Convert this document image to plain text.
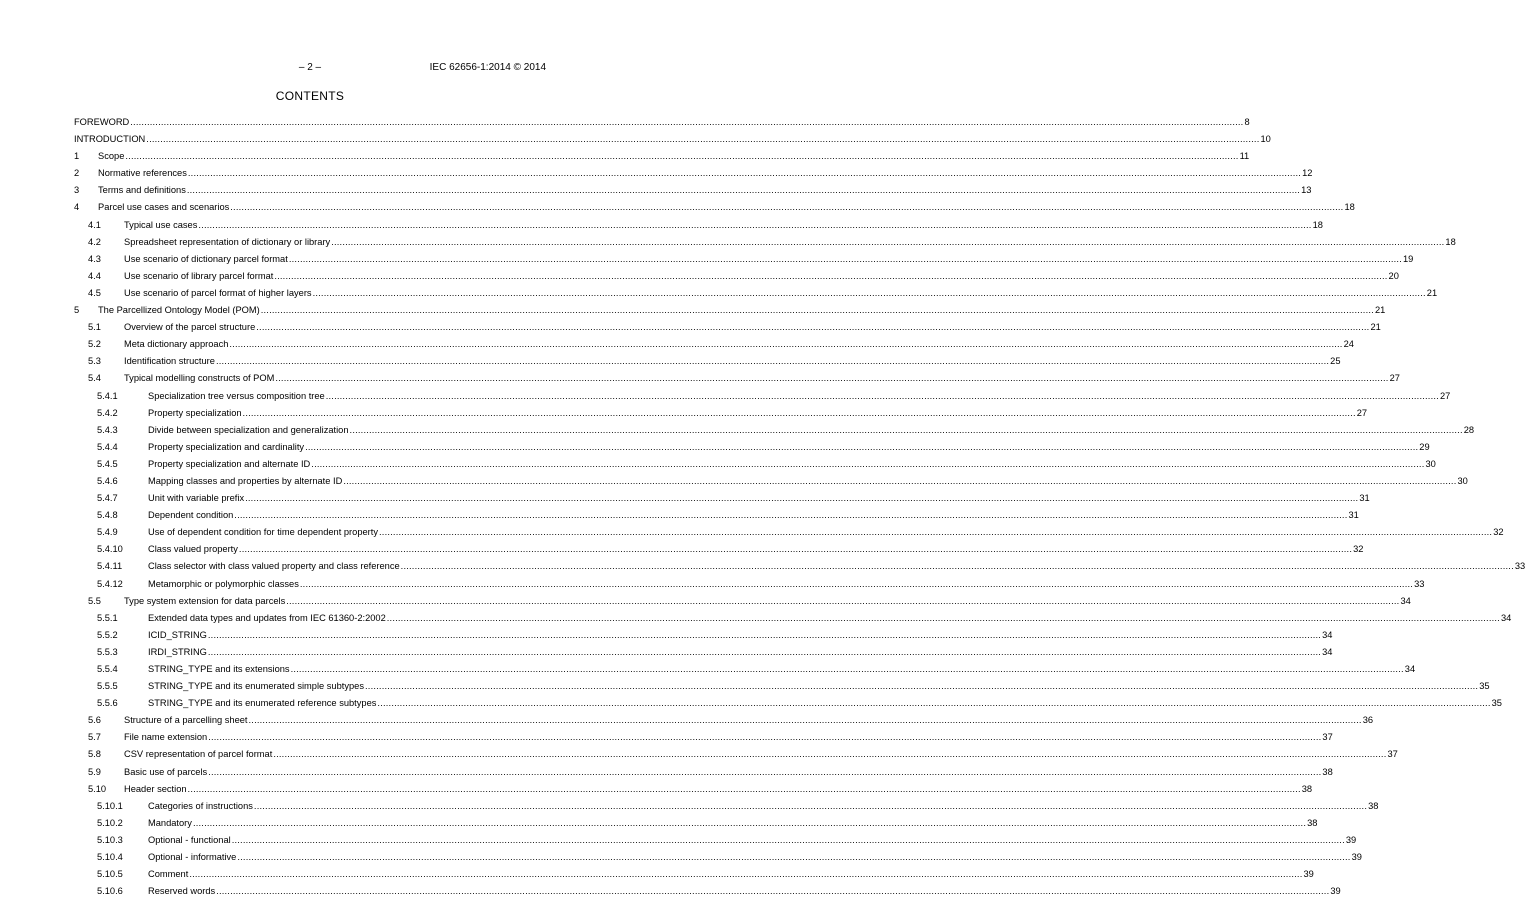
– 2 –	IEC 62656-1:2014 © 2014
CONTENTS
FOREWORD ................................................................................................................................................................................................................................................................................................................................................................................................................ 8
INTRODUCTION ................................................................................................................................................................................................................................................................................................................................................................................................................ 10
1 Scope ................................................................................................................................................................................................................................................................................................................................................................................................................ 11
2 Normative references ................................................................................................................................................................................................................................................................................................................................................................................................................ 12
3 Terms and definitions ................................................................................................................................................................................................................................................................................................................................................................................................................ 13
4 Parcel use cases and scenarios ................................................................................................................................................................................................................................................................................................................................................................................................................ 18
4.1 Typical use cases ................................................................................................................................................................................................................................................................................................................................................................................................................ 18
4.2 Spreadsheet representation of dictionary or library ................................................................................................................................................................................................................................................................................................................................................................................................................ 18
4.3 Use scenario of dictionary parcel format ................................................................................................................................................................................................................................................................................................................................................................................................................ 19
4.4 Use scenario of library parcel format ................................................................................................................................................................................................................................................................................................................................................................................................................ 20
4.5 Use scenario of parcel format of higher layers ................................................................................................................................................................................................................................................................................................................................................................................................................ 21
5 The Parcellized Ontology Model (POM) ................................................................................................................................................................................................................................................................................................................................................................................................................ 21
5.1 Overview of the parcel structure ................................................................................................................................................................................................................................................................................................................................................................................................................ 21
5.2 Meta dictionary approach ................................................................................................................................................................................................................................................................................................................................................................................................................ 24
5.3 Identification structure ................................................................................................................................................................................................................................................................................................................................................................................................................ 25
5.4 Typical modelling constructs of POM ................................................................................................................................................................................................................................................................................................................................................................................................................ 27
5.4.1	Specialization tree versus composition tree ................................................................................................................................................................................................................................................................................................................................................................................................................ 27
5.4.2	Property specialization ................................................................................................................................................................................................................................................................................................................................................................................................................ 27
5.4.3	Divide between specialization and generalization ................................................................................................................................................................................................................................................................................................................................................................................................................ 28
5.4.4	Property specialization and cardinality ................................................................................................................................................................................................................................................................................................................................................................................................................ 29
5.4.5	Property specialization and alternate ID ................................................................................................................................................................................................................................................................................................................................................................................................................ 30
5.4.6	Mapping classes and properties by alternate ID ................................................................................................................................................................................................................................................................................................................................................................................................................ 30
5.4.7	Unit with variable prefix ................................................................................................................................................................................................................................................................................................................................................................................................................ 31
5.4.8	Dependent condition ................................................................................................................................................................................................................................................................................................................................................................................................................ 31
5.4.9	Use of dependent condition for time dependent property ................................................................................................................................................................................................................................................................................................................................................................................................................ 32
5.4.10	Class valued property ................................................................................................................................................................................................................................................................................................................................................................................................................ 32
5.4.11	Class selector with class valued property and class reference ................................................................................................................................................................................................................................................................................................................................................................................................................ 33
5.4.12	Metamorphic or polymorphic classes ................................................................................................................................................................................................................................................................................................................................................................................................................ 33
5.5 Type system extension for data parcels ................................................................................................................................................................................................................................................................................................................................................................................................................ 34
5.5.1	Extended data types and updates from IEC 61360-2:2002 ................................................................................................................................................................................................................................................................................................................................................................................................................ 34
5.5.2	ICID_STRING ................................................................................................................................................................................................................................................................................................................................................................................................................ 34
5.5.3	IRDI_STRING ................................................................................................................................................................................................................................................................................................................................................................................................................ 34
5.5.4	STRING_TYPE and its extensions ................................................................................................................................................................................................................................................................................................................................................................................................................ 34
5.5.5	STRING_TYPE and its enumerated simple subtypes ................................................................................................................................................................................................................................................................................................................................................................................................................ 35
5.5.6	STRING_TYPE and its enumerated reference subtypes ................................................................................................................................................................................................................................................................................................................................................................................................................ 35
5.6 Structure of a parcelling sheet ................................................................................................................................................................................................................................................................................................................................................................................................................ 36
5.7 File name extension ................................................................................................................................................................................................................................................................................................................................................................................................................ 37
5.8 CSV representation of parcel format ................................................................................................................................................................................................................................................................................................................................................................................................................ 37
5.9 Basic use of parcels ................................................................................................................................................................................................................................................................................................................................................................................................................ 38
5.10 Header section ................................................................................................................................................................................................................................................................................................................................................................................................................ 38
5.10.1	Categories of instructions ................................................................................................................................................................................................................................................................................................................................................................................................................ 38
5.10.2	Mandatory ................................................................................................................................................................................................................................................................................................................................................................................................................ 38
5.10.3	Optional - functional ................................................................................................................................................................................................................................................................................................................................................................................................................ 39
5.10.4	Optional - informative ................................................................................................................................................................................................................................................................................................................................................................................................................ 39
5.10.5	Comment ................................................................................................................................................................................................................................................................................................................................................................................................................ 39
5.10.6	Reserved words ................................................................................................................................................................................................................................................................................................................................................................................................................ 39
